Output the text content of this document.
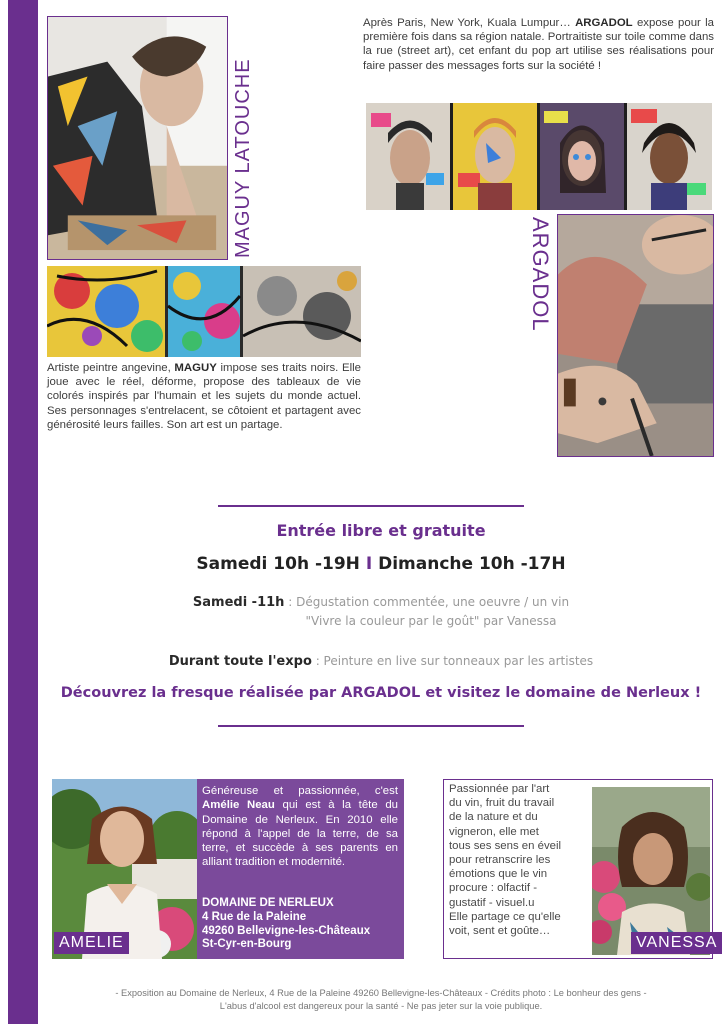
MAGUY LATOUCHE
Artiste peintre angevine, MAGUY impose ses traits noirs. Elle joue avec le réel, déforme, propose des tableaux de vie colorés inspirés par l'humain et les sujets du monde actuel. Ses personnages s'entrelacent, se côtoient et partagent avec générosité leurs failles. Son art est un partage.
Après Paris, New York, Kuala Lumpur… ARGADOL expose pour la première fois dans sa région natale. Portraitiste sur toile comme dans la rue (street art), cet enfant du pop art utilise ses réalisations pour faire passer des messages forts sur la société !
ARGADOL
Entrée libre et gratuite
Samedi 10h -19H I Dimanche 10h -17H
Samedi -11h : Dégustation commentée, une oeuvre / un vin
"Vivre la couleur par le goût" par Vanessa
Durant toute l'expo : Peinture en live sur tonneaux par les artistes
Découvrez la fresque réalisée par ARGADOL et visitez le domaine de Nerleux !
AMELIE
Généreuse et passionnée, c'est Amélie Neau qui est à la tête du Domaine de Nerleux. En 2010 elle répond à l'appel de la terre, de sa terre, et succède à ses parents en alliant tradition et modernité.
DOMAINE DE NERLEUX
4 Rue de la Paleine
49260 Bellevigne-les-Châteaux
St-Cyr-en-Bourg
Passionnée par l'art
du vin, fruit du travail
de la nature et du
vigneron, elle met
tous ses sens en éveil
pour retranscrire les
émotions que le vin
procure : olfactif -
gustatif - visuel.u
Elle partage ce qu'elle
voit, sent et goûte…
VANESSA
- Exposition au Domaine de Nerleux, 4 Rue de la Paleine 49260 Bellevigne-les-Châteaux - Crédits photo : Le bonheur des gens -
L'abus d'alcool est dangereux pour la santé - Ne pas jeter sur la voie publique.
